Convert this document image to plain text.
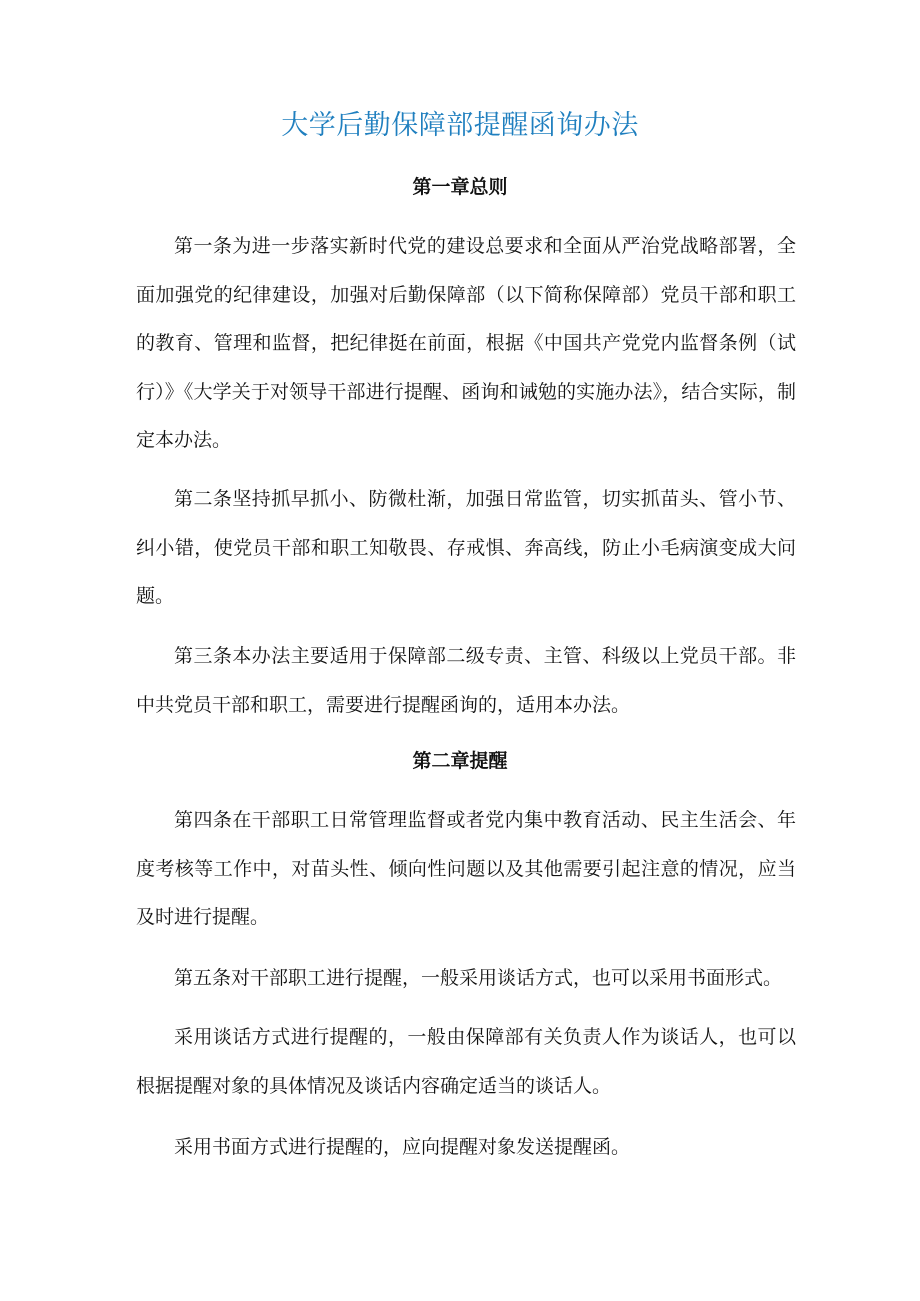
大学后勤保障部提醒函询办法
第一章总则

第一条为进一步落实新时代党的建设总要求和全面从严治党战略部署，全面加强党的纪律建设，加强对后勤保障部（以下简称保障部）党员干部和职工的教育、管理和监督，把纪律挺在前面，根据《中国共产党党内监督条例（试行）》《大学关于对领导干部进行提醒、函询和诫勉的实施办法》，结合实际，制定本办法。

第二条坚持抓早抓小、防微杜渐，加强日常监管，切实抓苗头、管小节、纠小错，使党员干部和职工知敬畏、存戒惧、奔高线，防止小毛病演变成大问题。

第三条本办法主要适用于保障部二级专责、主管、科级以上党员干部。非中共党员干部和职工，需要进行提醒函询的，适用本办法。

第二章提醒

第四条在干部职工日常管理监督或者党内集中教育活动、民主生活会、年度考核等工作中，对苗头性、倾向性问题以及其他需要引起注意的情况，应当及时进行提醒。

第五条对干部职工进行提醒，一般采用谈话方式，也可以采用书面形式。

采用谈话方式进行提醒的，一般由保障部有关负责人作为谈话人，也可以根据提醒对象的具体情况及谈话内容确定适当的谈话人。

采用书面方式进行提醒的，应向提醒对象发送提醒函。
